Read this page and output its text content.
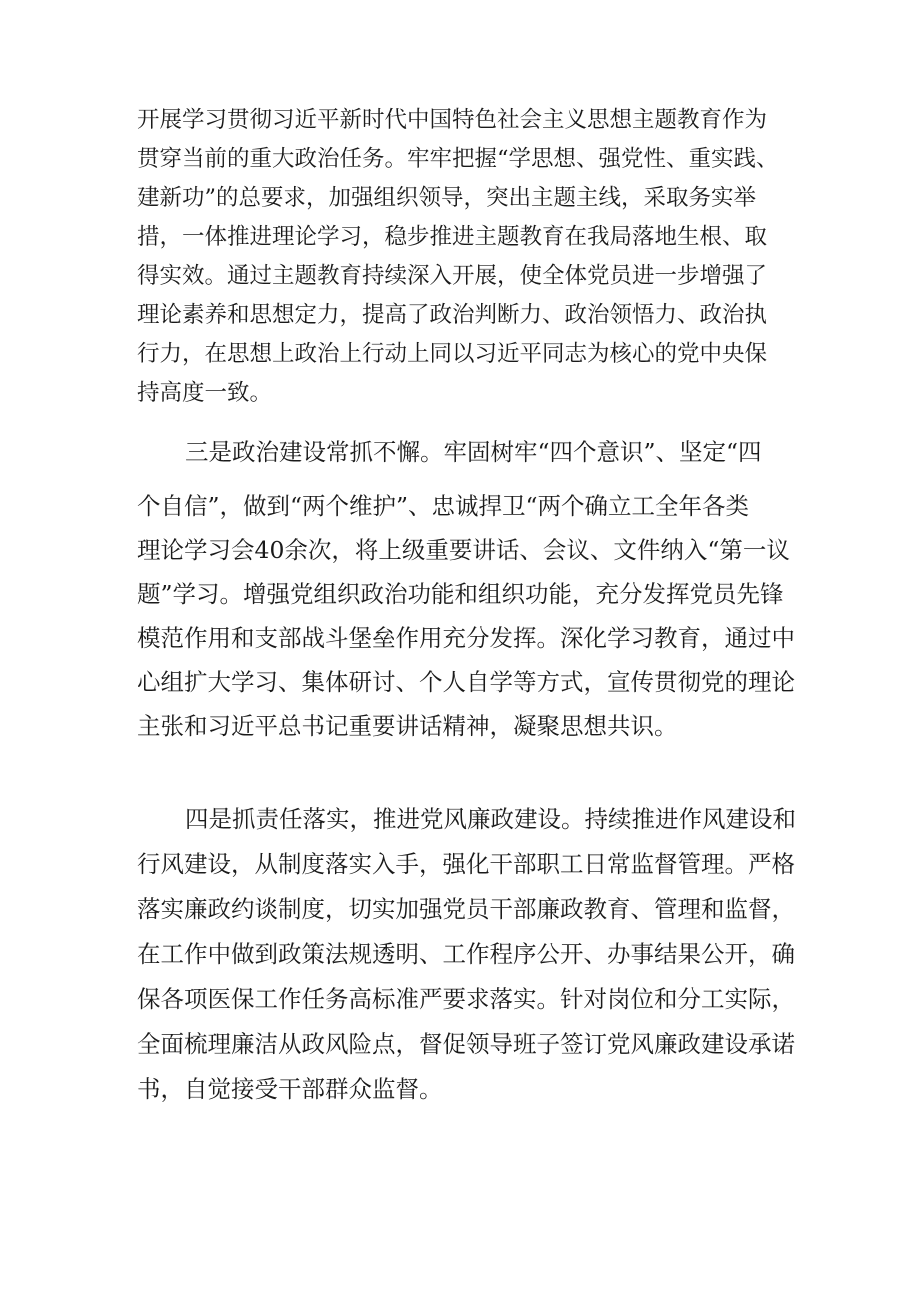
开展学习贯彻习近平新时代中国特色社会主义思想主题教育作为

贯穿当前的重大政治任务。牢牢把握“学思想、强党性、重实践、

建新功”的总要求，加强组织领导，突出主题主线，采取务实举

措，一体推进理论学习，稳步推进主题教育在我局落地生根、取

得实效。通过主题教育持续深入开展，使全体党员进一步增强了

理论素养和思想定力，提高了政治判断力、政治领悟力、政治执

行力，在思想上政治上行动上同以习近平同志为核心的党中央保

持高度一致。

三是政治建设常抓不懈。牢固树牢“四个意识”、坚定“四

个自信”，做到“两个维护”、忠诚捍卫“两个确立工全年各类

理论学习会40余次，将上级重要讲话、会议、文件纳入“第一议

题”学习。增强党组织政治功能和组织功能，充分发挥党员先锋

模范作用和支部战斗堡垒作用充分发挥。深化学习教育，通过中

心组扩大学习、集体研讨、个人自学等方式，宣传贯彻党的理论

主张和习近平总书记重要讲话精神，凝聚思想共识。

四是抓责任落实，推进党风廉政建设。持续推进作风建设和

行风建设，从制度落实入手，强化干部职工日常监督管理。严格

落实廉政约谈制度，切实加强党员干部廉政教育、管理和监督，

在工作中做到政策法规透明、工作程序公开、办事结果公开，确

保各项医保工作任务高标准严要求落实。针对岗位和分工实际，

全面梳理廉洁从政风险点，督促领导班子签订党风廉政建设承诺

书，自觉接受干部群众监督。
